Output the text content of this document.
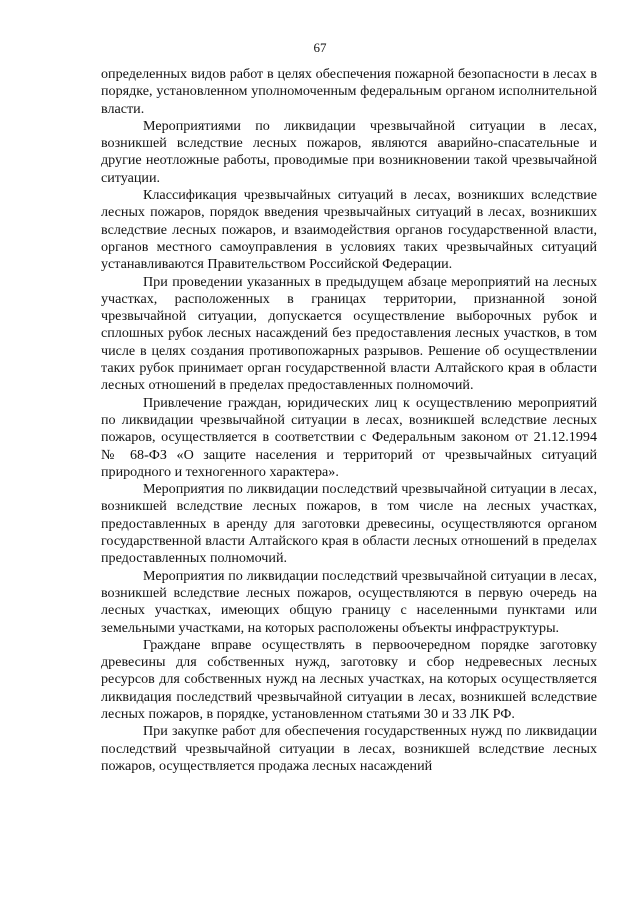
67

определенных видов работ в целях обеспечения пожарной безопасности в лесах в порядке, установленном уполномоченным федеральным органом исполнительной власти.

Мероприятиями по ликвидации чрезвычайной ситуации в лесах, возникшей вследствие лесных пожаров, являются аварийно-спасательные и другие неотложные работы, проводимые при возникновении такой чрезвычайной ситуации.

Классификация чрезвычайных ситуаций в лесах, возникших вследствие лесных пожаров, порядок введения чрезвычайных ситуаций в лесах, возникших вследствие лесных пожаров, и взаимодействия органов государственной власти, органов местного самоуправления в условиях таких чрезвычайных ситуаций устанавливаются Правительством Российской Федерации.

При проведении указанных в предыдущем абзаце мероприятий на лесных участках, расположенных в границах территории, признанной зоной чрезвычайной ситуации, допускается осуществление выборочных рубок и сплошных рубок лесных насаждений без предоставления лесных участков, в том числе в целях создания противопожарных разрывов. Решение об осуществлении таких рубок принимает орган государственной власти Алтайского края в области лесных отношений в пределах предоставленных полномочий.

Привлечение граждан, юридических лиц к осуществлению мероприятий по ликвидации чрезвычайной ситуации в лесах, возникшей вследствие лесных пожаров, осуществляется в соответствии с Федеральным законом от 21.12.1994 № 68-ФЗ «О защите населения и территорий от чрезвычайных ситуаций природного и техногенного характера».

Мероприятия по ликвидации последствий чрезвычайной ситуации в лесах, возникшей вследствие лесных пожаров, в том числе на лесных участках, предоставленных в аренду для заготовки древесины, осуществляются органом государственной власти Алтайского края в области лесных отношений в пределах предоставленных полномочий.

Мероприятия по ликвидации последствий чрезвычайной ситуации в лесах, возникшей вследствие лесных пожаров, осуществляются в первую очередь на лесных участках, имеющих общую границу с населенными пунктами или земельными участками, на которых расположены объекты инфраструктуры.

Граждане вправе осуществлять в первоочередном порядке заготовку древесины для собственных нужд, заготовку и сбор недревесных лесных ресурсов для собственных нужд на лесных участках, на которых осуществляется ликвидация последствий чрезвычайной ситуации в лесах, возникшей вследствие лесных пожаров, в порядке, установленном статьями 30 и 33 ЛК РФ.

При закупке работ для обеспечения государственных нужд по ликвидации последствий чрезвычайной ситуации в лесах, возникшей вследствие лесных пожаров, осуществляется продажа лесных насаждений
